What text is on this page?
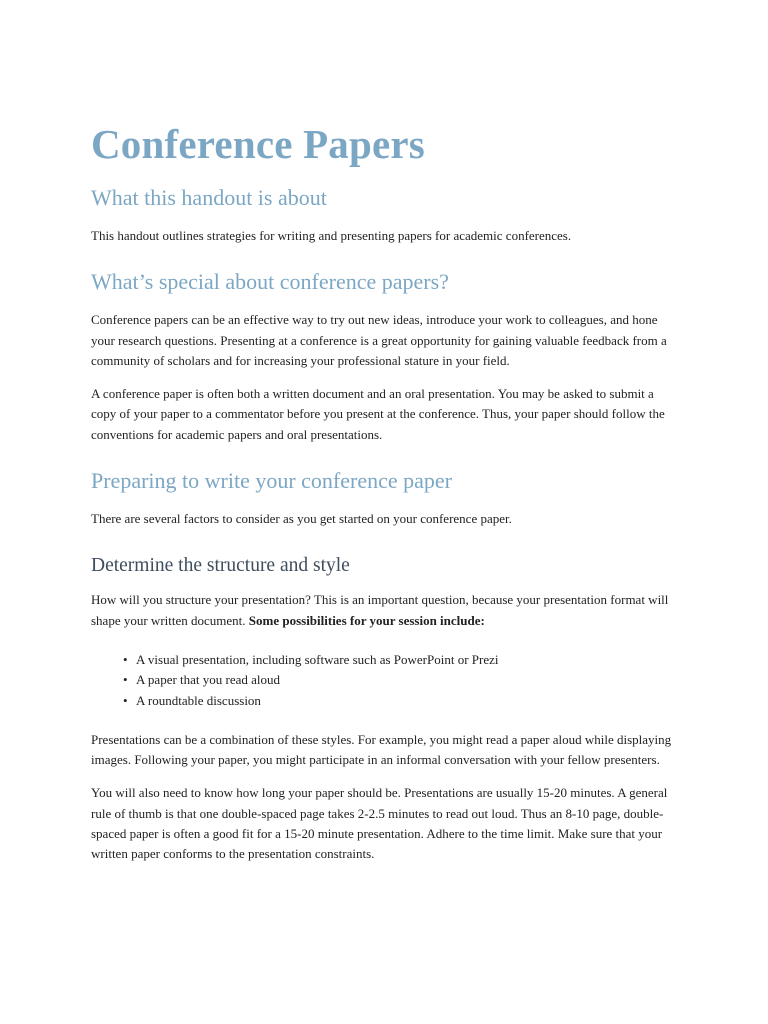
Conference Papers
What this handout is about

This handout outlines strategies for writing and presenting papers for academic conferences.

What’s special about conference papers?

Conference papers can be an effective way to try out new ideas, introduce your work to colleagues, and hone your research questions. Presenting at a conference is a great opportunity for gaining valuable feedback from a community of scholars and for increasing your professional stature in your field.

A conference paper is often both a written document and an oral presentation. You may be asked to submit a copy of your paper to a commentator before you present at the conference. Thus, your paper should follow the conventions for academic papers and oral presentations.

Preparing to write your conference paper

There are several factors to consider as you get started on your conference paper.

Determine the structure and style

How will you structure your presentation? This is an important question, because your presentation format will shape your written document. Some possibilities for your session include:

• A visual presentation, including software such as PowerPoint or Prezi
• A paper that you read aloud
• A roundtable discussion

Presentations can be a combination of these styles. For example, you might read a paper aloud while displaying images. Following your paper, you might participate in an informal conversation with your fellow presenters.

You will also need to know how long your paper should be. Presentations are usually 15-20 minutes. A general rule of thumb is that one double-spaced page takes 2-2.5 minutes to read out loud. Thus an 8-10 page, double-spaced paper is often a good fit for a 15-20 minute presentation. Adhere to the time limit. Make sure that your written paper conforms to the presentation constraints.
